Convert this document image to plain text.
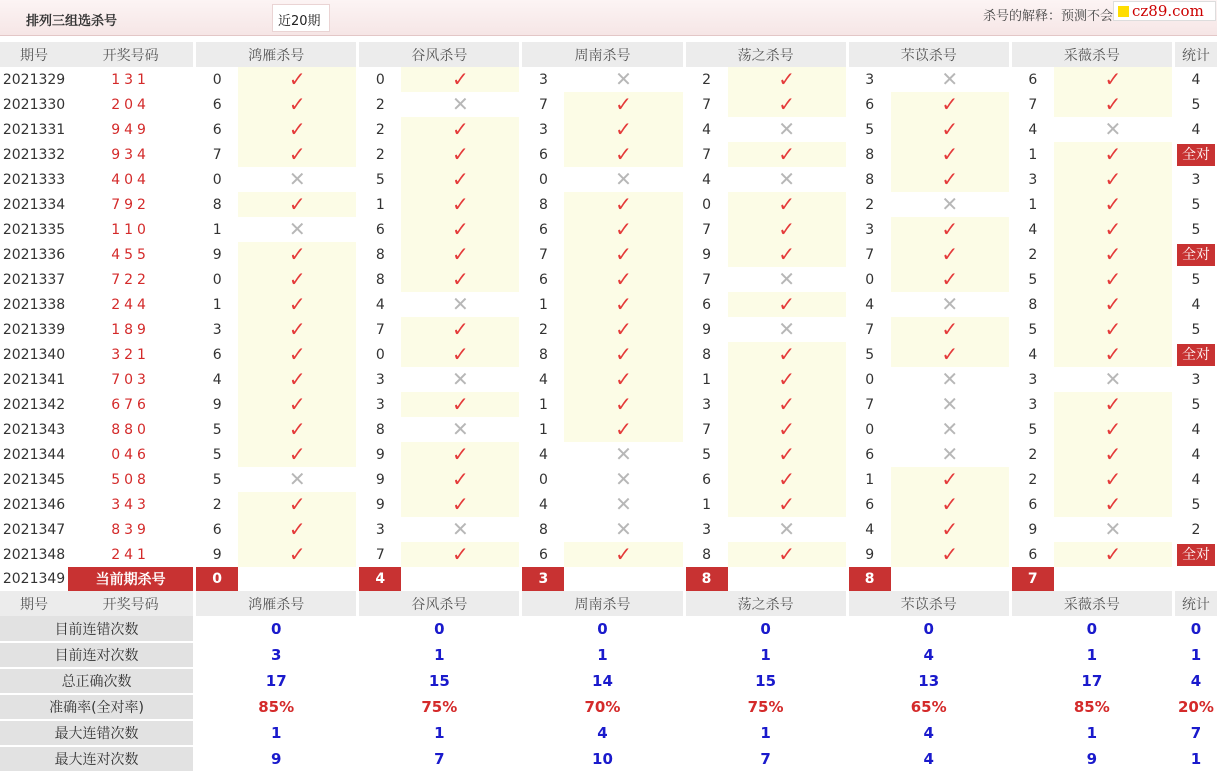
排列三组选杀号	近20期	杀号的解释：预测不会	cz89.com
期号	开奖号码		鸿雁杀号			谷风杀号			周南杀号			荡之杀号			芣苡杀号			采薇杀号			统计
2021329	131		0	✓		0	✓		3	✕		2	✓		3	✕		6	✓		4
2021330	204		6	✓		2	✕		7	✓		7	✓		6	✓		7	✓		5
2021331	949		6	✓		2	✓		3	✓		4	✕		5	✓		4	✕		4
2021332	934		7	✓		2	✓		6	✓		7	✓		8	✓		1	✓		全对
2021333	404		0	✕		5	✓		0	✕		4	✕		8	✓		3	✓		3
2021334	792		8	✓		1	✓		8	✓		0	✓		2	✕		1	✓		5
2021335	110		1	✕		6	✓		6	✓		7	✓		3	✓		4	✓		5
2021336	455		9	✓		8	✓		7	✓		9	✓		7	✓		2	✓		全对
2021337	722		0	✓		8	✓		6	✓		7	✕		0	✓		5	✓		5
2021338	244		1	✓		4	✕		1	✓		6	✓		4	✕		8	✓		4
2021339	189		3	✓		7	✓		2	✓		9	✕		7	✓		5	✓		5
2021340	321		6	✓		0	✓		8	✓		8	✓		5	✓		4	✓		全对
2021341	703		4	✓		3	✕		4	✓		1	✓		0	✕		3	✕		3
2021342	676		9	✓		3	✓		1	✓		3	✓		7	✕		3	✓		5
2021343	880		5	✓		8	✕		1	✓		7	✓		0	✕		5	✓		4
2021344	046		5	✓		9	✓		4	✕		5	✓		6	✕		2	✓		4
2021345	508		5	✕		9	✓		0	✕		6	✓		1	✓		2	✓		4
2021346	343		2	✓		9	✓		4	✕		1	✓		6	✓		6	✓		5
2021347	839		6	✓		3	✕		8	✕		3	✕		4	✓		9	✕		2
2021348	241		9	✓		7	✓		6	✓		8	✓		9	✓		6	✓		全对
2021349	当前期杀号		0			4			3			8			8			7			
期号	开奖号码		鸿雁杀号			谷风杀号			周南杀号			荡之杀号			芣苡杀号			采薇杀号			统计
目前连错次数			0			0			0			0			0			0			0
目前连对次数			3			1			1			1			4			1			1
总正确次数			17			15			14			15			13			17			4
准确率(全对率)			85%			75%			70%			75%			65%			85%			20%
最大连错次数			1			1			4			1			4			1			7
最大连对次数			9			7			10			7			4			9			1
